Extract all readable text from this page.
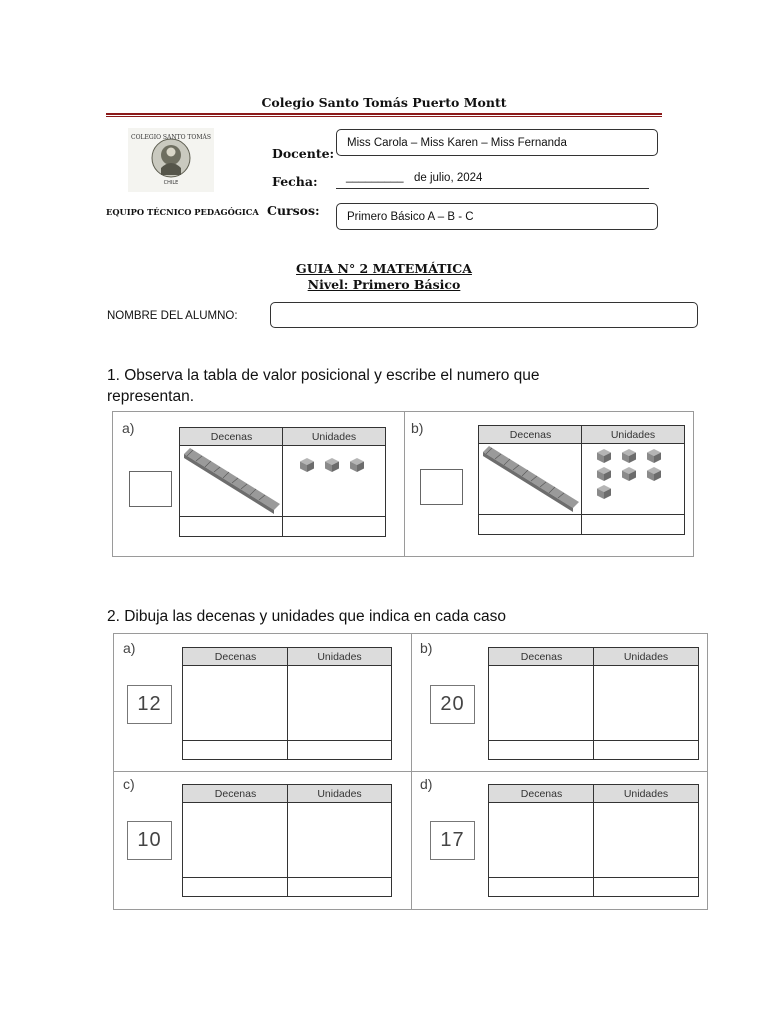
Colegio Santo Tomás Puerto Montt
COLEGIO SANTO TOMÁS
CHILE
Docente:
Miss Carola – Miss Karen – Miss Fernanda
Fecha: _________ de julio, 2024
EQUIPO TÉCNICO PEDAGÓGICA Cursos: Primero Básico A – B - C
GUIA N° 2 MATEMÁTICA
Nivel: Primero Básico
NOMBRE DEL ALUMNO:
1. Observa la tabla de valor posicional y escribe el numero que representan.
a)
Decenas	Unidades
b)	Decenas	Unidades
2. Dibuja las decenas y unidades que indica en cada caso
a)
12
Decenas	Unidades
b)
20
Decenas	Unidades
c)
10
Decenas	Unidades
d)
17
Decenas	Unidades
